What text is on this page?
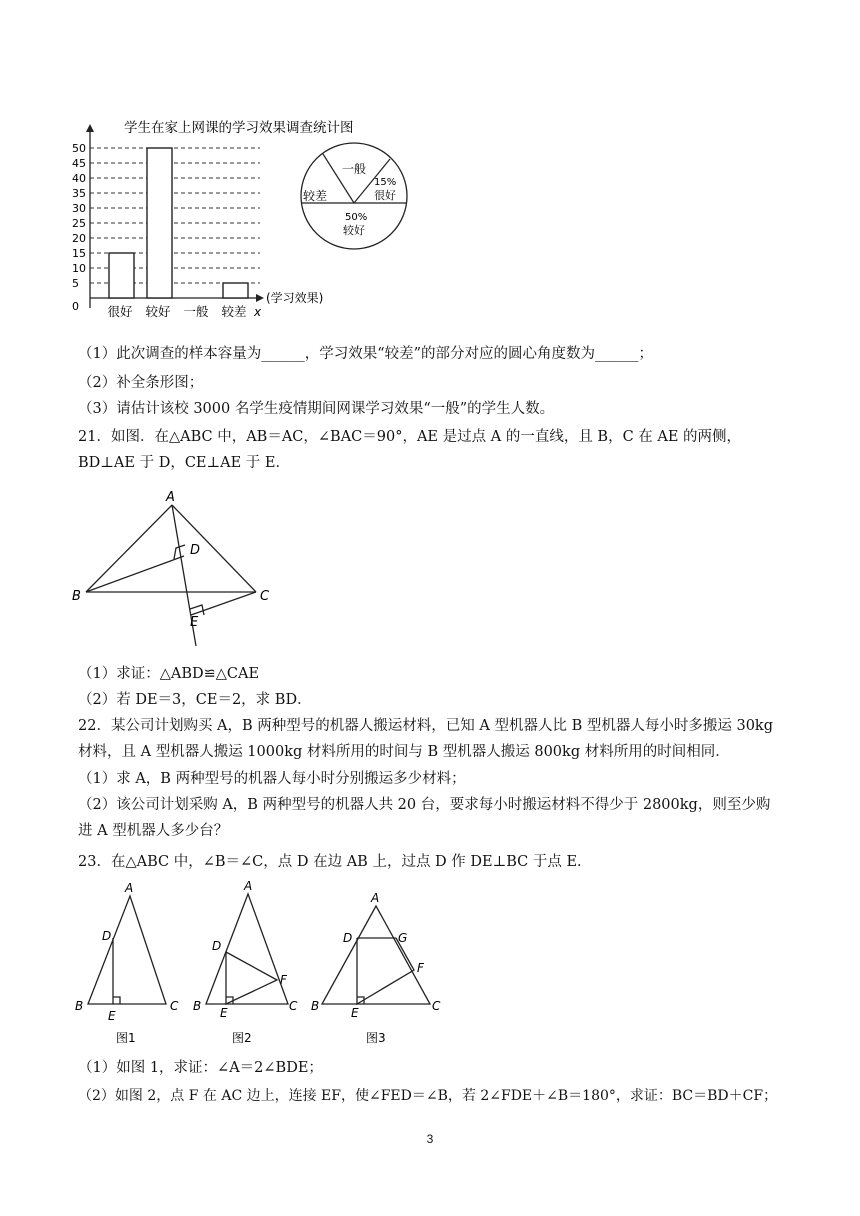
学生在家上网课的学习效果调查统计图
x
(学习效果)
0
5
10
15
20
25
30
35
40
45
50
很好 较好 一般 较差
一般
较差
15%
很好
50%
较好
（1）此次调查的样本容量为______，学习效果“较差”的部分对应的圆心角度数为______；
（2）补全条形图；
（3）请估计该校 3000 名学生疫情期间网课学习效果“一般”的学生人数。
21．如图．在△ABC 中，AB＝AC，∠BAC＝90°，AE 是过点 A 的一直线，且 B，C 在 AE 的两侧，BD⊥AE 于 D，CE⊥AE 于 E．
A
B	C
D
E
（1）求证：△ABD≌△CAE
（2）若 DE＝3，CE＝2，求 BD．
22．某公司计划购买 A，B 两种型号的机器人搬运材料，已知 A 型机器人比 B 型机器人每小时多搬运 30kg 材料，且 A 型机器人搬运 1000kg 材料所用的时间与 B 型机器人搬运 800kg 材料所用的时间相同．
（1）求 A，B 两种型号的机器人每小时分别搬运多少材料；
（2）该公司计划采购 A，B 两种型号的机器人共 20 台，要求每小时搬运材料不得少于 2800kg，则至少购进 A 型机器人多少台？
23．在△ABC 中，∠B＝∠C，点 D 在边 AB 上，过点 D 作 DE⊥BC 于点 E．
A
D
B	C
E
A
D
B E
F
C
A
D	G
F
B	E	C
图1	图2	图3
（1）如图 1，求证：∠A＝2∠BDE；
（2）如图 2，点 F 在 AC 边上，连接 EF，使∠FED＝∠B，若 2∠FDE＋∠B＝180°，求证：BC＝BD＋CF；
3
